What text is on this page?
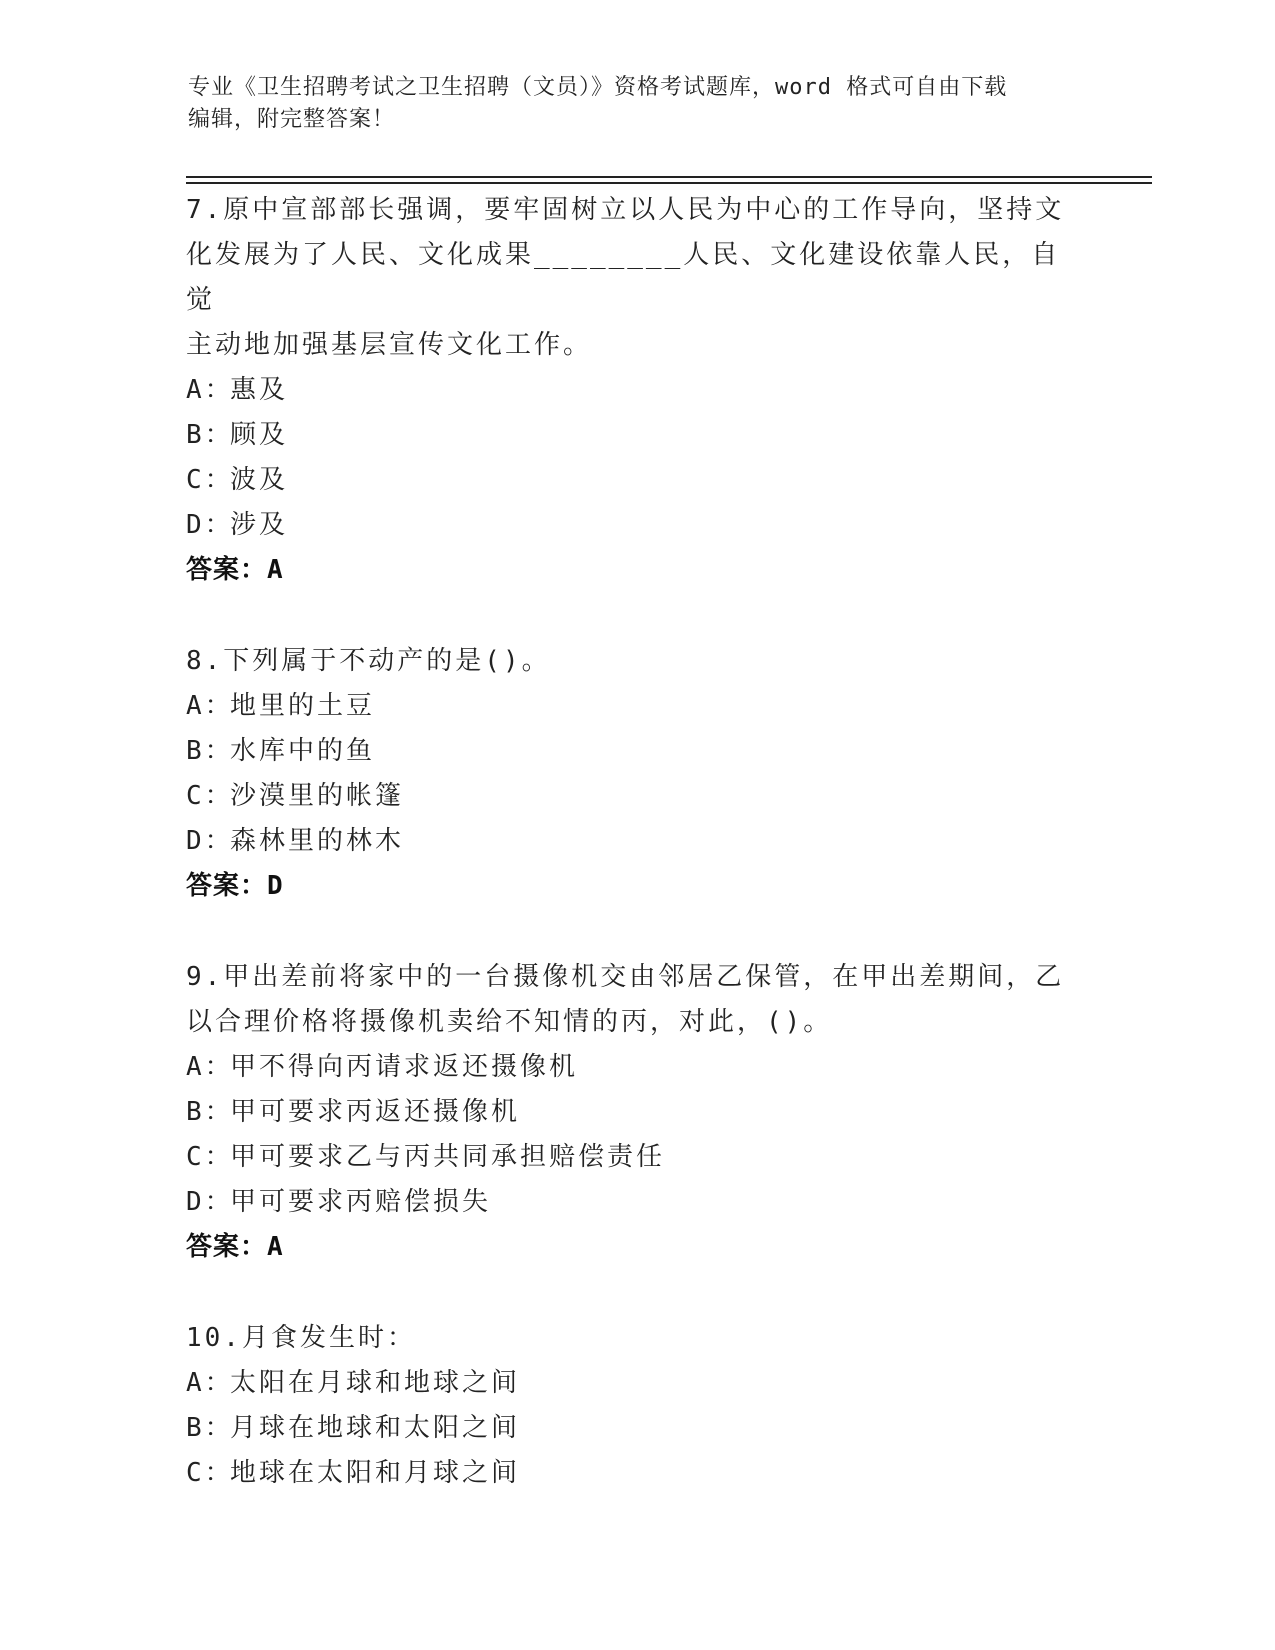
专业《卫生招聘考试之卫生招聘（文员）》资格考试题库，word 格式可自由下载
编辑，附完整答案！

7.原中宣部部长强调，要牢固树立以人民为中心的工作导向，坚持文

化发展为了人民、文化成果________人民、文化建设依靠人民，自觉

主动地加强基层宣传文化工作。

A：惠及

B：顾及

C：波及

D：涉及

答案：A

8.下列属于不动产的是()。

A：地里的土豆

B：水库中的鱼

C：沙漠里的帐篷

D：森林里的林木

答案：D

9.甲出差前将家中的一台摄像机交由邻居乙保管，在甲出差期间，乙

以合理价格将摄像机卖给不知情的丙，对此，()。

A：甲不得向丙请求返还摄像机

B：甲可要求丙返还摄像机

C：甲可要求乙与丙共同承担赔偿责任

D：甲可要求丙赔偿损失

答案：A

10.月食发生时：

A：太阳在月球和地球之间

B：月球在地球和太阳之间

C：地球在太阳和月球之间
